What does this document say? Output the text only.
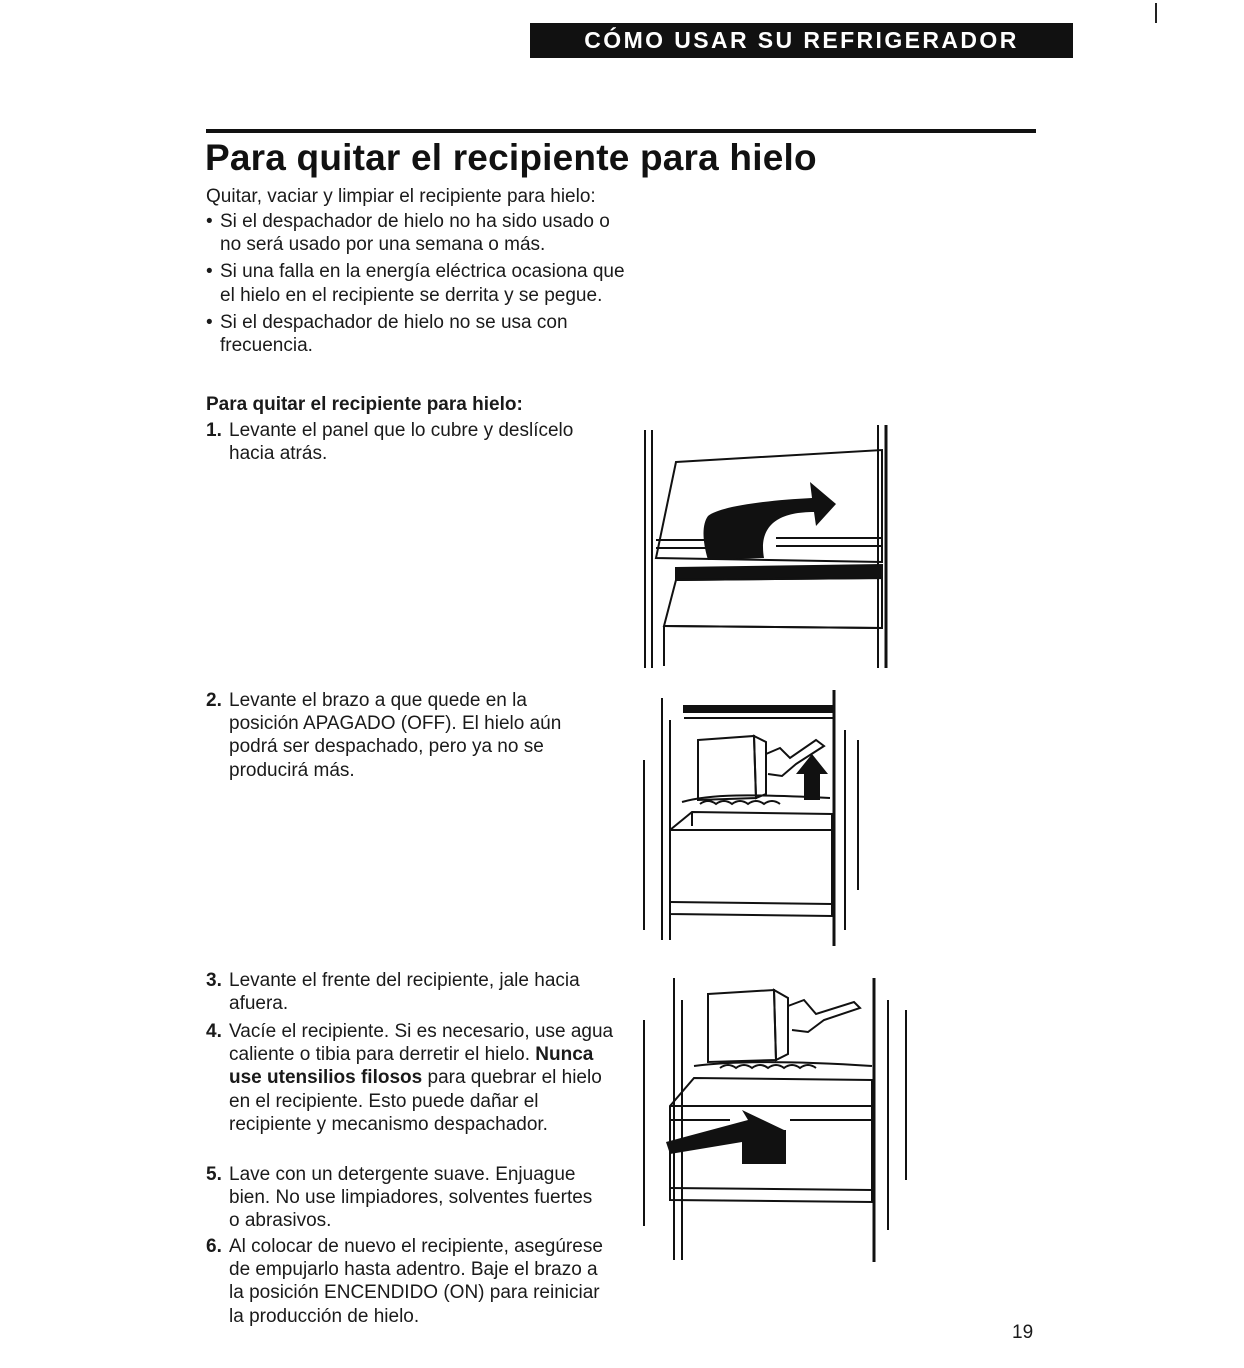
CÓMO USAR SU REFRIGERADOR
Para quitar el recipiente para hielo
Quitar, vaciar y limpiar el recipiente para hielo:
• Si el despachador de hielo no ha sido usado o no será usado por una semana o más.
• Si una falla en la energía eléctrica ocasiona que el hielo en el recipiente se derrita y se pegue.
• Si el despachador de hielo no se usa con frecuencia.
Para quitar el recipiente para hielo:
1. Levante el panel que lo cubre y deslícelo hacia atrás.
2. Levante el brazo a que quede en la posición APAGADO (OFF). El hielo aún podrá ser despachado, pero ya no se producirá más.
3. Levante el frente del recipiente, jale hacia afuera.
4. Vacíe el recipiente. Si es necesario, use agua caliente o tibia para derretir el hielo. Nunca use utensilios filosos para quebrar el hielo en el recipiente. Esto puede dañar el recipiente y mecanismo despachador.
5. Lave con un detergente suave. Enjuague bien. No use limpiadores, solventes fuertes o abrasivos.
6. Al colocar de nuevo el recipiente, asegúrese de empujarlo hasta adentro. Baje el brazo a la posición ENCENDIDO (ON) para reiniciar la producción de hielo.
19
